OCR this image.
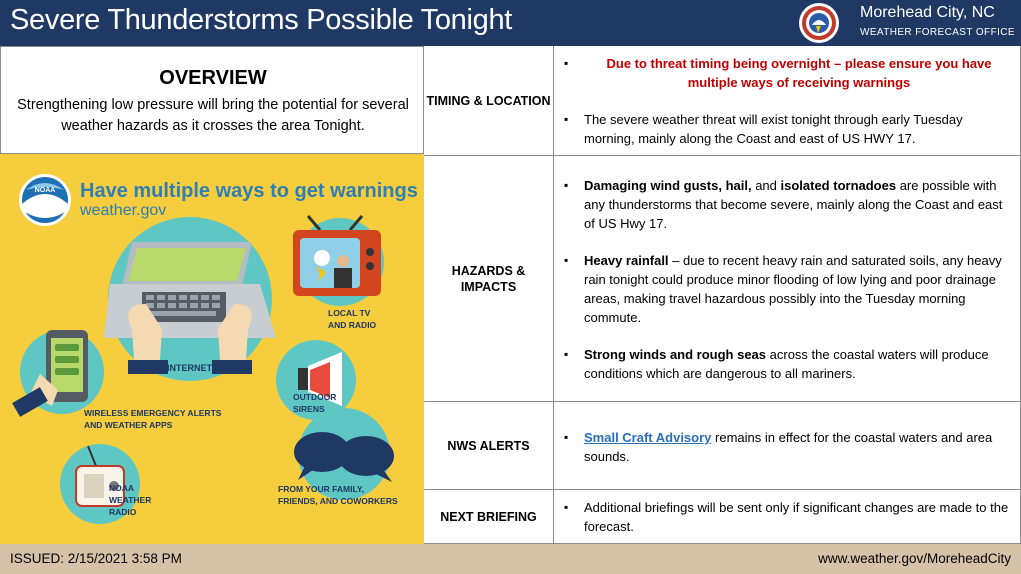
Severe Thunderstorms Possible Tonight	Morehead City, NC
WEATHER FORECAST OFFICE
OVERVIEW
Strengthening low pressure will bring the potential for several weather hazards as it crosses the area Tonight.
NOAA
INTERNET
LOCAL TV
AND RADIO
WIRELESS EMERGENCY ALERTS
AND WEATHER APPS
OUTDOOR
SIRENS
NOAA
WEATHER
RADIO
FROM YOUR FAMILY,
FRIENDS, AND COWORKERS
Have multiple ways to get warnings
weather.gov
TIMING & LOCATION
▪ Due to threat timing being overnight – please ensure you have multiple ways of receiving warnings
▪ The severe weather threat will exist tonight through early Tuesday morning, mainly along the Coast and east of US HWY 17.
HAZARDS & IMPACTS
▪ Damaging wind gusts, hail, and isolated tornadoes are possible with any thunderstorms that become severe, mainly along the Coast and east of US Hwy 17.
▪ Heavy rainfall – due to recent heavy rain and saturated soils, any heavy rain tonight could produce minor flooding of low lying and poor drainage areas, making travel hazardous possibly into the Tuesday morning commute.
▪ Strong winds and rough seas across the coastal waters will produce conditions which are dangerous to all mariners.
NWS ALERTS
▪ Small Craft Advisory remains in effect for the coastal waters and area sounds.
NEXT BRIEFING
▪ Additional briefings will be sent only if significant changes are made to the forecast.
ISSUED: 2/15/2021 3:58 PM	www.weather.gov/MoreheadCity
